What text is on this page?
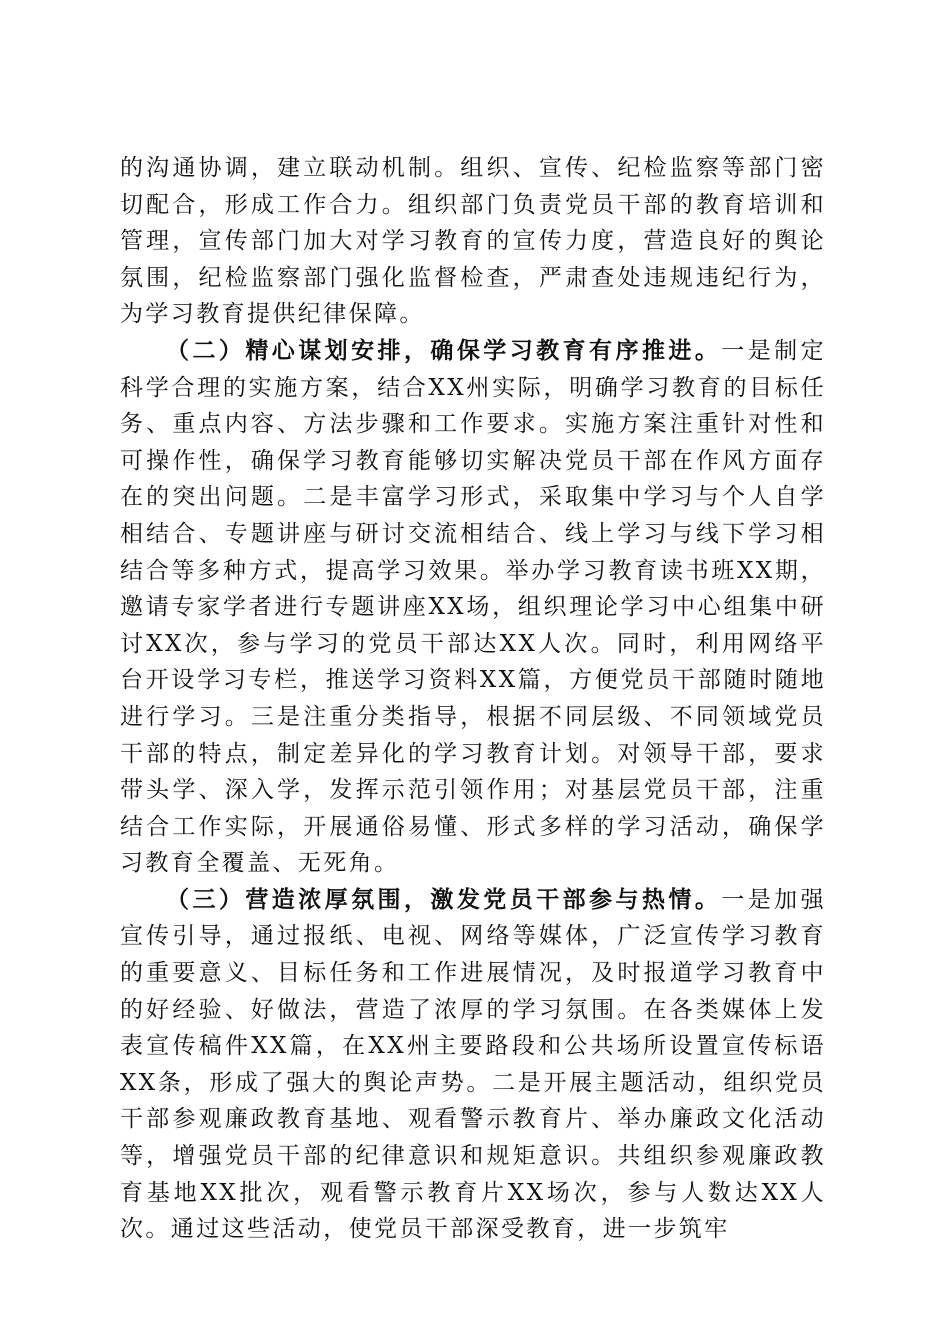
的沟通协调，建立联动机制。组织、宣传、纪检监察等部门密切配合，形成工作合力。组织部门负责党员干部的教育培训和管理，宣传部门加大对学习教育的宣传力度，营造良好的舆论氛围，纪检监察部门强化监督检查，严肃查处违规违纪行为，为学习教育提供纪律保障。

（二）精心谋划安排，确保学习教育有序推进。一是制定科学合理的实施方案，结合XX州实际，明确学习教育的目标任务、重点内容、方法步骤和工作要求。实施方案注重针对性和可操作性，确保学习教育能够切实解决党员干部在作风方面存在的突出问题。二是丰富学习形式，采取集中学习与个人自学相结合、专题讲座与研讨交流相结合、线上学习与线下学习相结合等多种方式，提高学习效果。举办学习教育读书班XX期，邀请专家学者进行专题讲座XX场，组织理论学习中心组集中研讨XX次，参与学习的党员干部达XX人次。同时，利用网络平台开设学习专栏，推送学习资料XX篇，方便党员干部随时随地进行学习。三是注重分类指导，根据不同层级、不同领域党员干部的特点，制定差异化的学习教育计划。对领导干部，要求带头学、深入学，发挥示范引领作用；对基层党员干部，注重结合工作实际，开展通俗易懂、形式多样的学习活动，确保学习教育全覆盖、无死角。

（三）营造浓厚氛围，激发党员干部参与热情。一是加强宣传引导，通过报纸、电视、网络等媒体，广泛宣传学习教育的重要意义、目标任务和工作进展情况，及时报道学习教育中的好经验、好做法，营造了浓厚的学习氛围。在各类媒体上发表宣传稿件XX篇，在XX州主要路段和公共场所设置宣传标语XX条，形成了强大的舆论声势。二是开展主题活动，组织党员干部参观廉政教育基地、观看警示教育片、举办廉政文化活动等，增强党员干部的纪律意识和规矩意识。共组织参观廉政教育基地XX批次，观看警示教育片XX场次，参与人数达XX人次。通过这些活动，使党员干部深受教育，进一步筑牢
